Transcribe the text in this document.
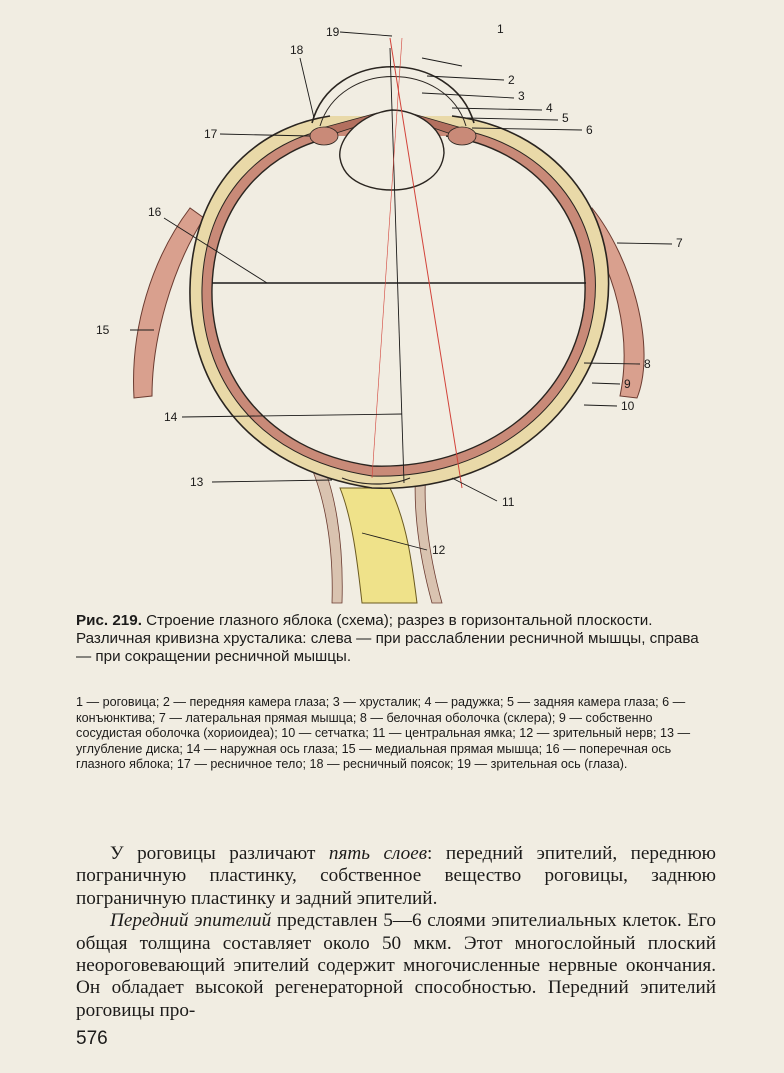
19	1
2
3
4
5
6
7
8
9
10
11
12
13
14
15
16
17
18
Рис. 219. Строение глазного яблока (схема); разрез в горизонтальной плоскости. Различная кривизна хрусталика: слева — при расслаблении ресничной мышцы, справа — при сокращении ресничной мышцы.
1 — роговица; 2 — передняя камера глаза; 3 — хрусталик; 4 — радужка; 5 — задняя камера глаза; 6 — конъюнктива; 7 — латеральная прямая мышца; 8 — белочная оболочка (склера); 9 — собственно сосудистая оболочка (хориоидеа); 10 — сетчатка; 11 — центральная ямка; 12 — зрительный нерв; 13 — углубление диска; 14 — наружная ось глаза; 15 — медиальная прямая мышца; 16 — поперечная ось глазного яблока; 17 — ресничное тело; 18 — ресничный поясок; 19 — зрительная ось (глаза).

У роговицы различают пять слоев: передний эпителий, переднюю пограничную пластинку, собственное вещество роговицы, заднюю пограничную пластинку и задний эпителий.

Передний эпителий представлен 5—6 слоями эпителиальных клеток. Его общая толщина составляет около 50 мкм. Этот многослойный плоский неороговевающий эпителий содержит многочисленные нервные окончания. Он обладает высокой регенераторной способностью. Передний эпителий роговицы про-

576
